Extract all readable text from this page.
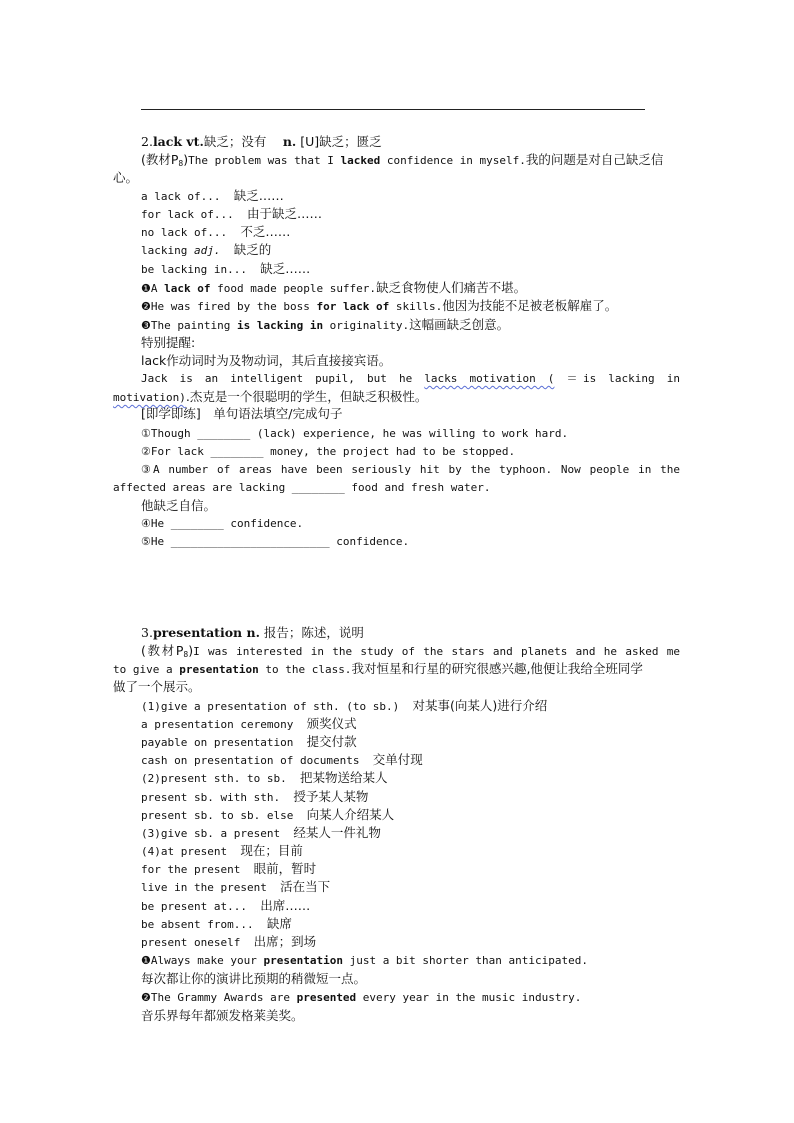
2.lack vt.缺乏；没有　 n. [U]缺乏；匮乏
(教材$P_8)The$ problem was that I lacked confidence in myself.我的问题是对自己缺乏信
心。
a lack of... 缺乏……
for lack of... 由于缺乏……
no lack of... 不乏……
lacking adj. 缺乏的
be lacking in... 缺乏……
❶A lack of food made people suffer.缺乏食物使人们痛苦不堪。
❷He was fired by the boss for lack of skills.他因为技能不足被老板解雇了。
❸The painting is lacking in originality.这幅画缺乏创意。
特别提醒:
lack作动词时为及物动词，其后直接接宾语。
Jack is an intelligent pupil, but he lacks motivation ( ＝is lacking in
motivation).杰克是一个很聪明的学生，但缺乏积极性。
[即学即练]　单句语法填空/完成句子
①Though ________ (lack) experience, he was willing to work hard.
②For lack ________ money, the project had to be stopped.
③A number of areas have been seriously hit by the typhoon. Now people in the
affected areas are lacking ________ food and fresh water.
他缺乏自信。
④He ________ confidence.
⑤He ________________________ confidence.
3.presentation n. 报告；陈述，说明
(教材$P_8)I$ was interested in the study of the stars and planets and he asked me
to give a presentation to the class.我对恒星和行星的研究很感兴趣,他便让我给全班同学
做了一个展示。
(1)give a presentation of sth. (to sb.) 对某事(向某人)进行介绍
a presentation ceremony 颁奖仪式
payable on presentation 提交付款
cash on presentation of documents 交单付现
(2)present sth. to sb. 把某物送给某人
present sb. with sth. 授予某人某物
present sb. to sb. else 向某人介绍某人
(3)give sb. a present 经某人一件礼物
(4)at present 现在；目前
for the present 眼前，暂时
live in the present 活在当下
be present at... 出席……
be absent from... 缺席
present oneself 出席；到场
❶Always make your presentation just a bit shorter than anticipated.
每次都让你的演讲比预期的稍微短一点。
❷The Grammy Awards are presented every year in the music industry.
音乐界每年都颁发格莱美奖。
